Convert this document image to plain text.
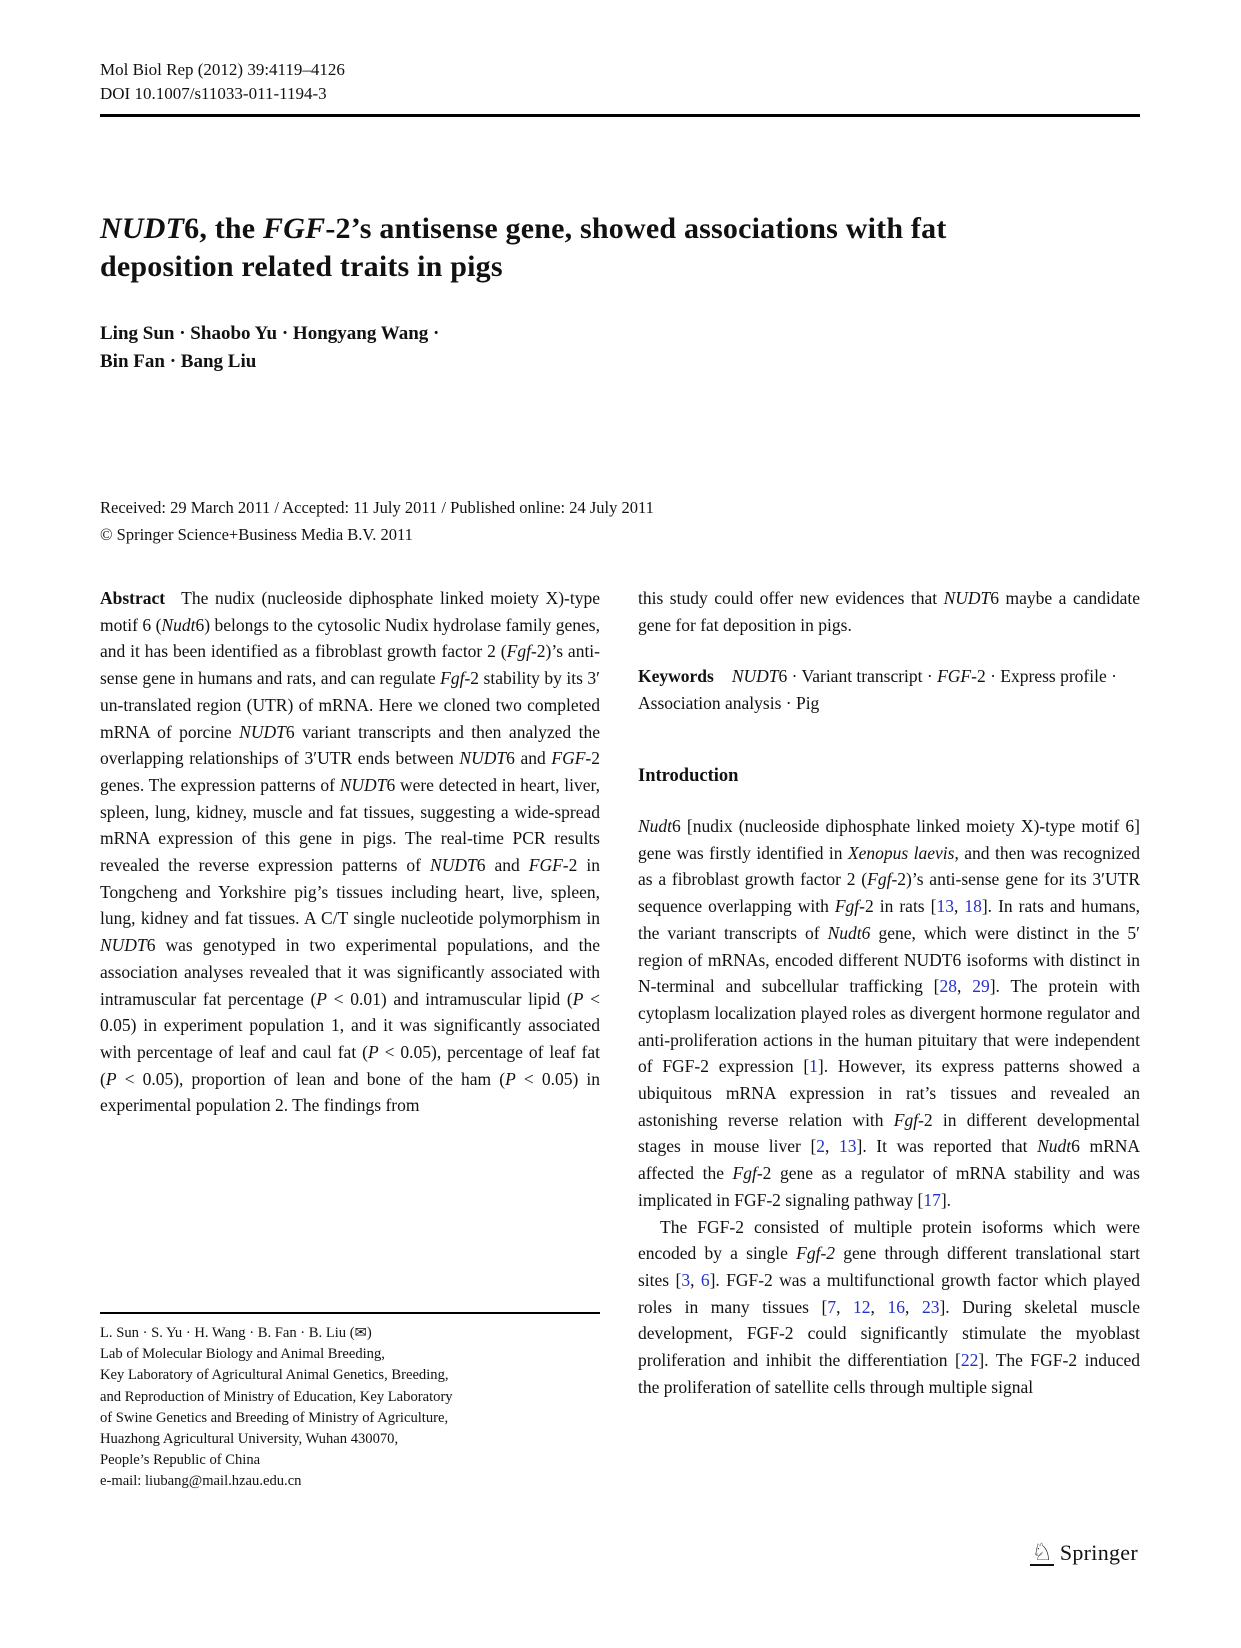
Mol Biol Rep (2012) 39:4119–4126
DOI 10.1007/s11033-011-1194-3
NUDT6, the FGF-2’s antisense gene, showed associations with fat deposition related traits in pigs
Ling Sun · Shaobo Yu · Hongyang Wang ·
Bin Fan · Bang Liu
Received: 29 March 2011 / Accepted: 11 July 2011 / Published online: 24 July 2011
© Springer Science+Business Media B.V. 2011
Abstract The nudix (nucleoside diphosphate linked moiety X)-type motif 6 (Nudt6) belongs to the cytosolic Nudix hydrolase family genes, and it has been identified as a fibroblast growth factor 2 (Fgf-2)’s anti-sense gene in humans and rats, and can regulate Fgf-2 stability by its 3′ un-translated region (UTR) of mRNA. Here we cloned two completed mRNA of porcine NUDT6 variant transcripts and then analyzed the overlapping relationships of 3′UTR ends between NUDT6 and FGF-2 genes. The expression patterns of NUDT6 were detected in heart, liver, spleen, lung, kidney, muscle and fat tissues, suggesting a wide-spread mRNA expression of this gene in pigs. The real-time PCR results revealed the reverse expression patterns of NUDT6 and FGF-2 in Tongcheng and Yorkshire pig’s tissues including heart, live, spleen, lung, kidney and fat tissues. A C/T single nucleotide polymorphism in NUDT6 was genotyped in two experimental populations, and the association analyses revealed that it was significantly associated with intramuscular fat percentage (P < 0.01) and intramuscular lipid (P < 0.05) in experiment population 1, and it was significantly associated with percentage of leaf and caul fat (P < 0.05), percentage of leaf fat (P < 0.05), proportion of lean and bone of the ham (P < 0.05) in experimental population 2. The findings from
this study could offer new evidences that NUDT6 maybe a candidate gene for fat deposition in pigs.
Keywords NUDT6 · Variant transcript · FGF-2 · Express profile · Association analysis · Pig
Introduction
Nudt6 [nudix (nucleoside diphosphate linked moiety X)-type motif 6] gene was firstly identified in Xenopus laevis, and then was recognized as a fibroblast growth factor 2 (Fgf-2)’s anti-sense gene for its 3′UTR sequence overlapping with Fgf-2 in rats [13, 18]. In rats and humans, the variant transcripts of Nudt6 gene, which were distinct in the 5′ region of mRNAs, encoded different NUDT6 isoforms with distinct in N-terminal and subcellular trafficking [28, 29]. The protein with cytoplasm localization played roles as divergent hormone regulator and anti-proliferation actions in the human pituitary that were independent of FGF-2 expression [1]. However, its express patterns showed a ubiquitous mRNA expression in rat’s tissues and revealed an astonishing reverse relation with Fgf-2 in different developmental stages in mouse liver [2, 13]. It was reported that Nudt6 mRNA affected the Fgf-2 gene as a regulator of mRNA stability and was implicated in FGF-2 signaling pathway [17].
The FGF-2 consisted of multiple protein isoforms which were encoded by a single Fgf-2 gene through different translational start sites [3, 6]. FGF-2 was a multifunctional growth factor which played roles in many tissues [7, 12, 16, 23]. During skeletal muscle development, FGF-2 could significantly stimulate the myoblast proliferation and inhibit the differentiation [22]. The FGF-2 induced the proliferation of satellite cells through multiple signal
L. Sun · S. Yu · H. Wang · B. Fan · B. Liu (✉)
Lab of Molecular Biology and Animal Breeding,
Key Laboratory of Agricultural Animal Genetics, Breeding,
and Reproduction of Ministry of Education, Key Laboratory
of Swine Genetics and Breeding of Ministry of Agriculture,
Huazhong Agricultural University, Wuhan 430070,
People’s Republic of China
e-mail: liubang@mail.hzau.edu.cn
♘ Springer
